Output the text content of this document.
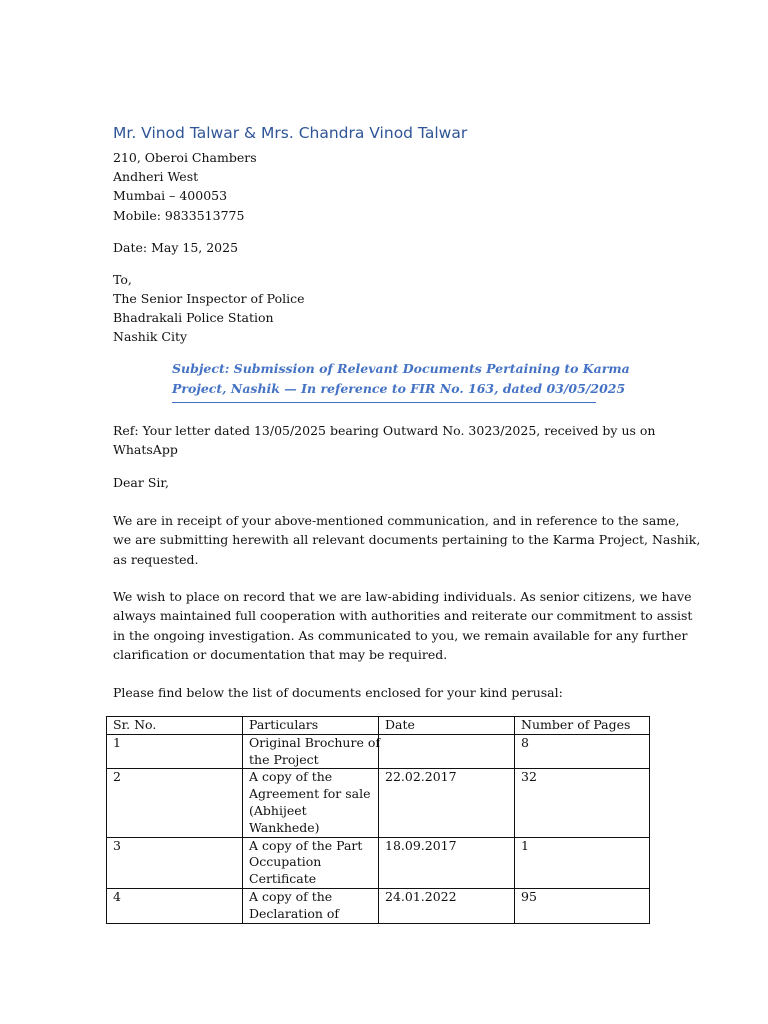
Mr. Vinod Talwar & Mrs. Chandra Vinod Talwar
210, Oberoi Chambers
Andheri West
Mumbai – 400053
Mobile: 9833513775
Date: May 15, 2025
To,
The Senior Inspector of Police
Bhadrakali Police Station
Nashik City
Subject: Submission of Relevant Documents Pertaining to Karma
Project, Nashik — In reference to FIR No. 163, dated 03/05/2025
Ref: Your letter dated 13/05/2025 bearing Outward No. 3023/2025, received by us on
WhatsApp
Dear Sir,
We are in receipt of your above-mentioned communication, and in reference to the same,
we are submitting herewith all relevant documents pertaining to the Karma Project, Nashik,
as requested.
We wish to place on record that we are law-abiding individuals. As senior citizens, we have
always maintained full cooperation with authorities and reiterate our commitment to assist
in the ongoing investigation. As communicated to you, we remain available for any further
clarification or documentation that may be required.
Please find below the list of documents enclosed for your kind perusal:
Sr. No.	Particulars	Date	Number of Pages
1	Original Brochure of
the Project		8
2	A copy of the
Agreement for sale
(Abhijeet
Wankhede)	22.02.2017	32
3	A copy of the Part
Occupation
Certificate	18.09.2017	1
4	A copy of the
Declaration of	24.01.2022	95
